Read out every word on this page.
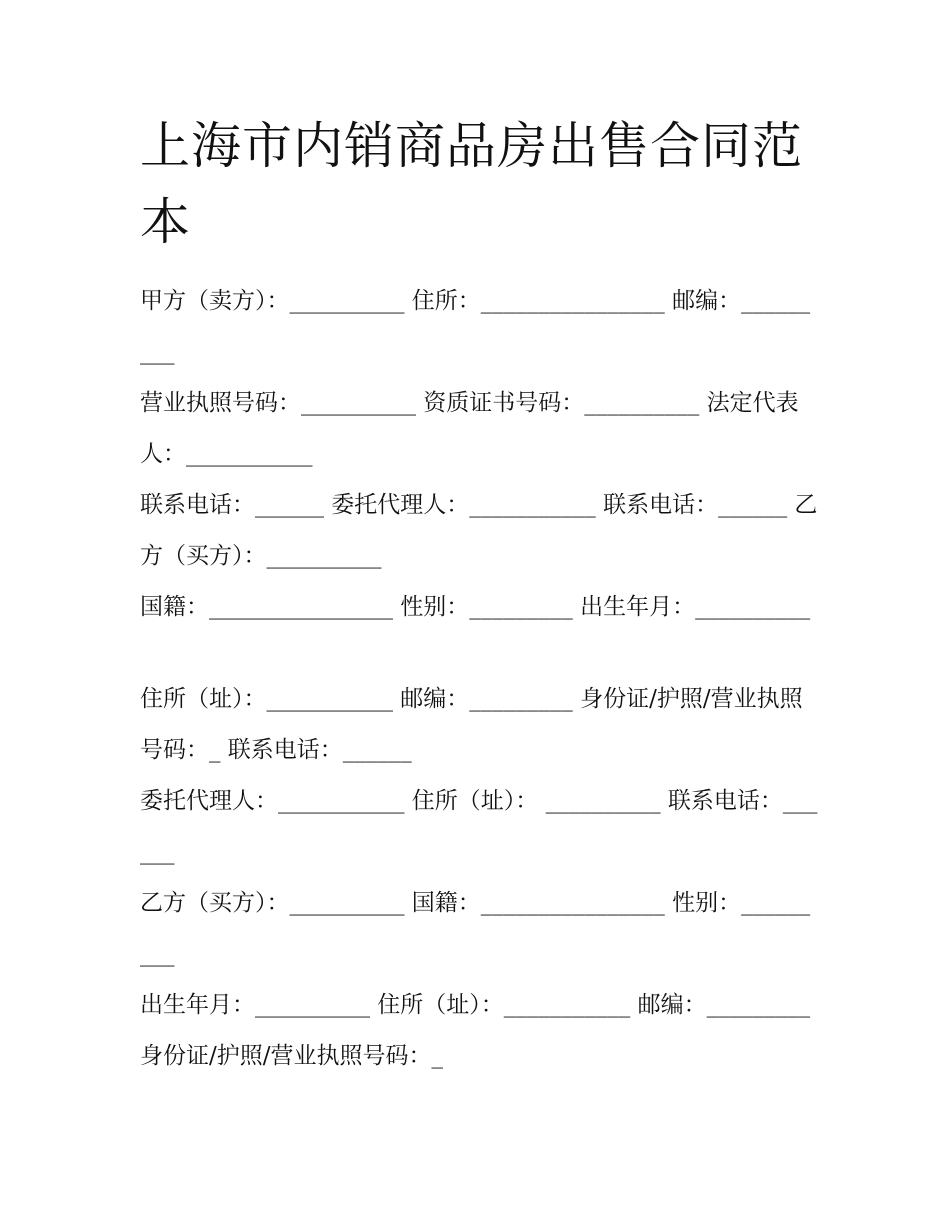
上海市内销商品房出售合同范本

甲方（卖方）：__________ 住所：________________ 邮编：_________

营业执照号码：__________ 资质证书号码：__________ 法定代表人：___________

联系电话：______ 委托代理人：___________ 联系电话：______ 乙方（买方）：__________

国籍：________________ 性别：_________ 出生年月：__________

住所（址）：___________ 邮编：_________ 身份证/护照/营业执照号码：_ 联系电话：______

委托代理人：___________ 住所（址）： __________ 联系电话：______

乙方（买方）：__________ 国籍：________________ 性别：_________

出生年月：__________ 住所（址）：___________ 邮编：_________ 身份证/护照/营业执照号码：_
